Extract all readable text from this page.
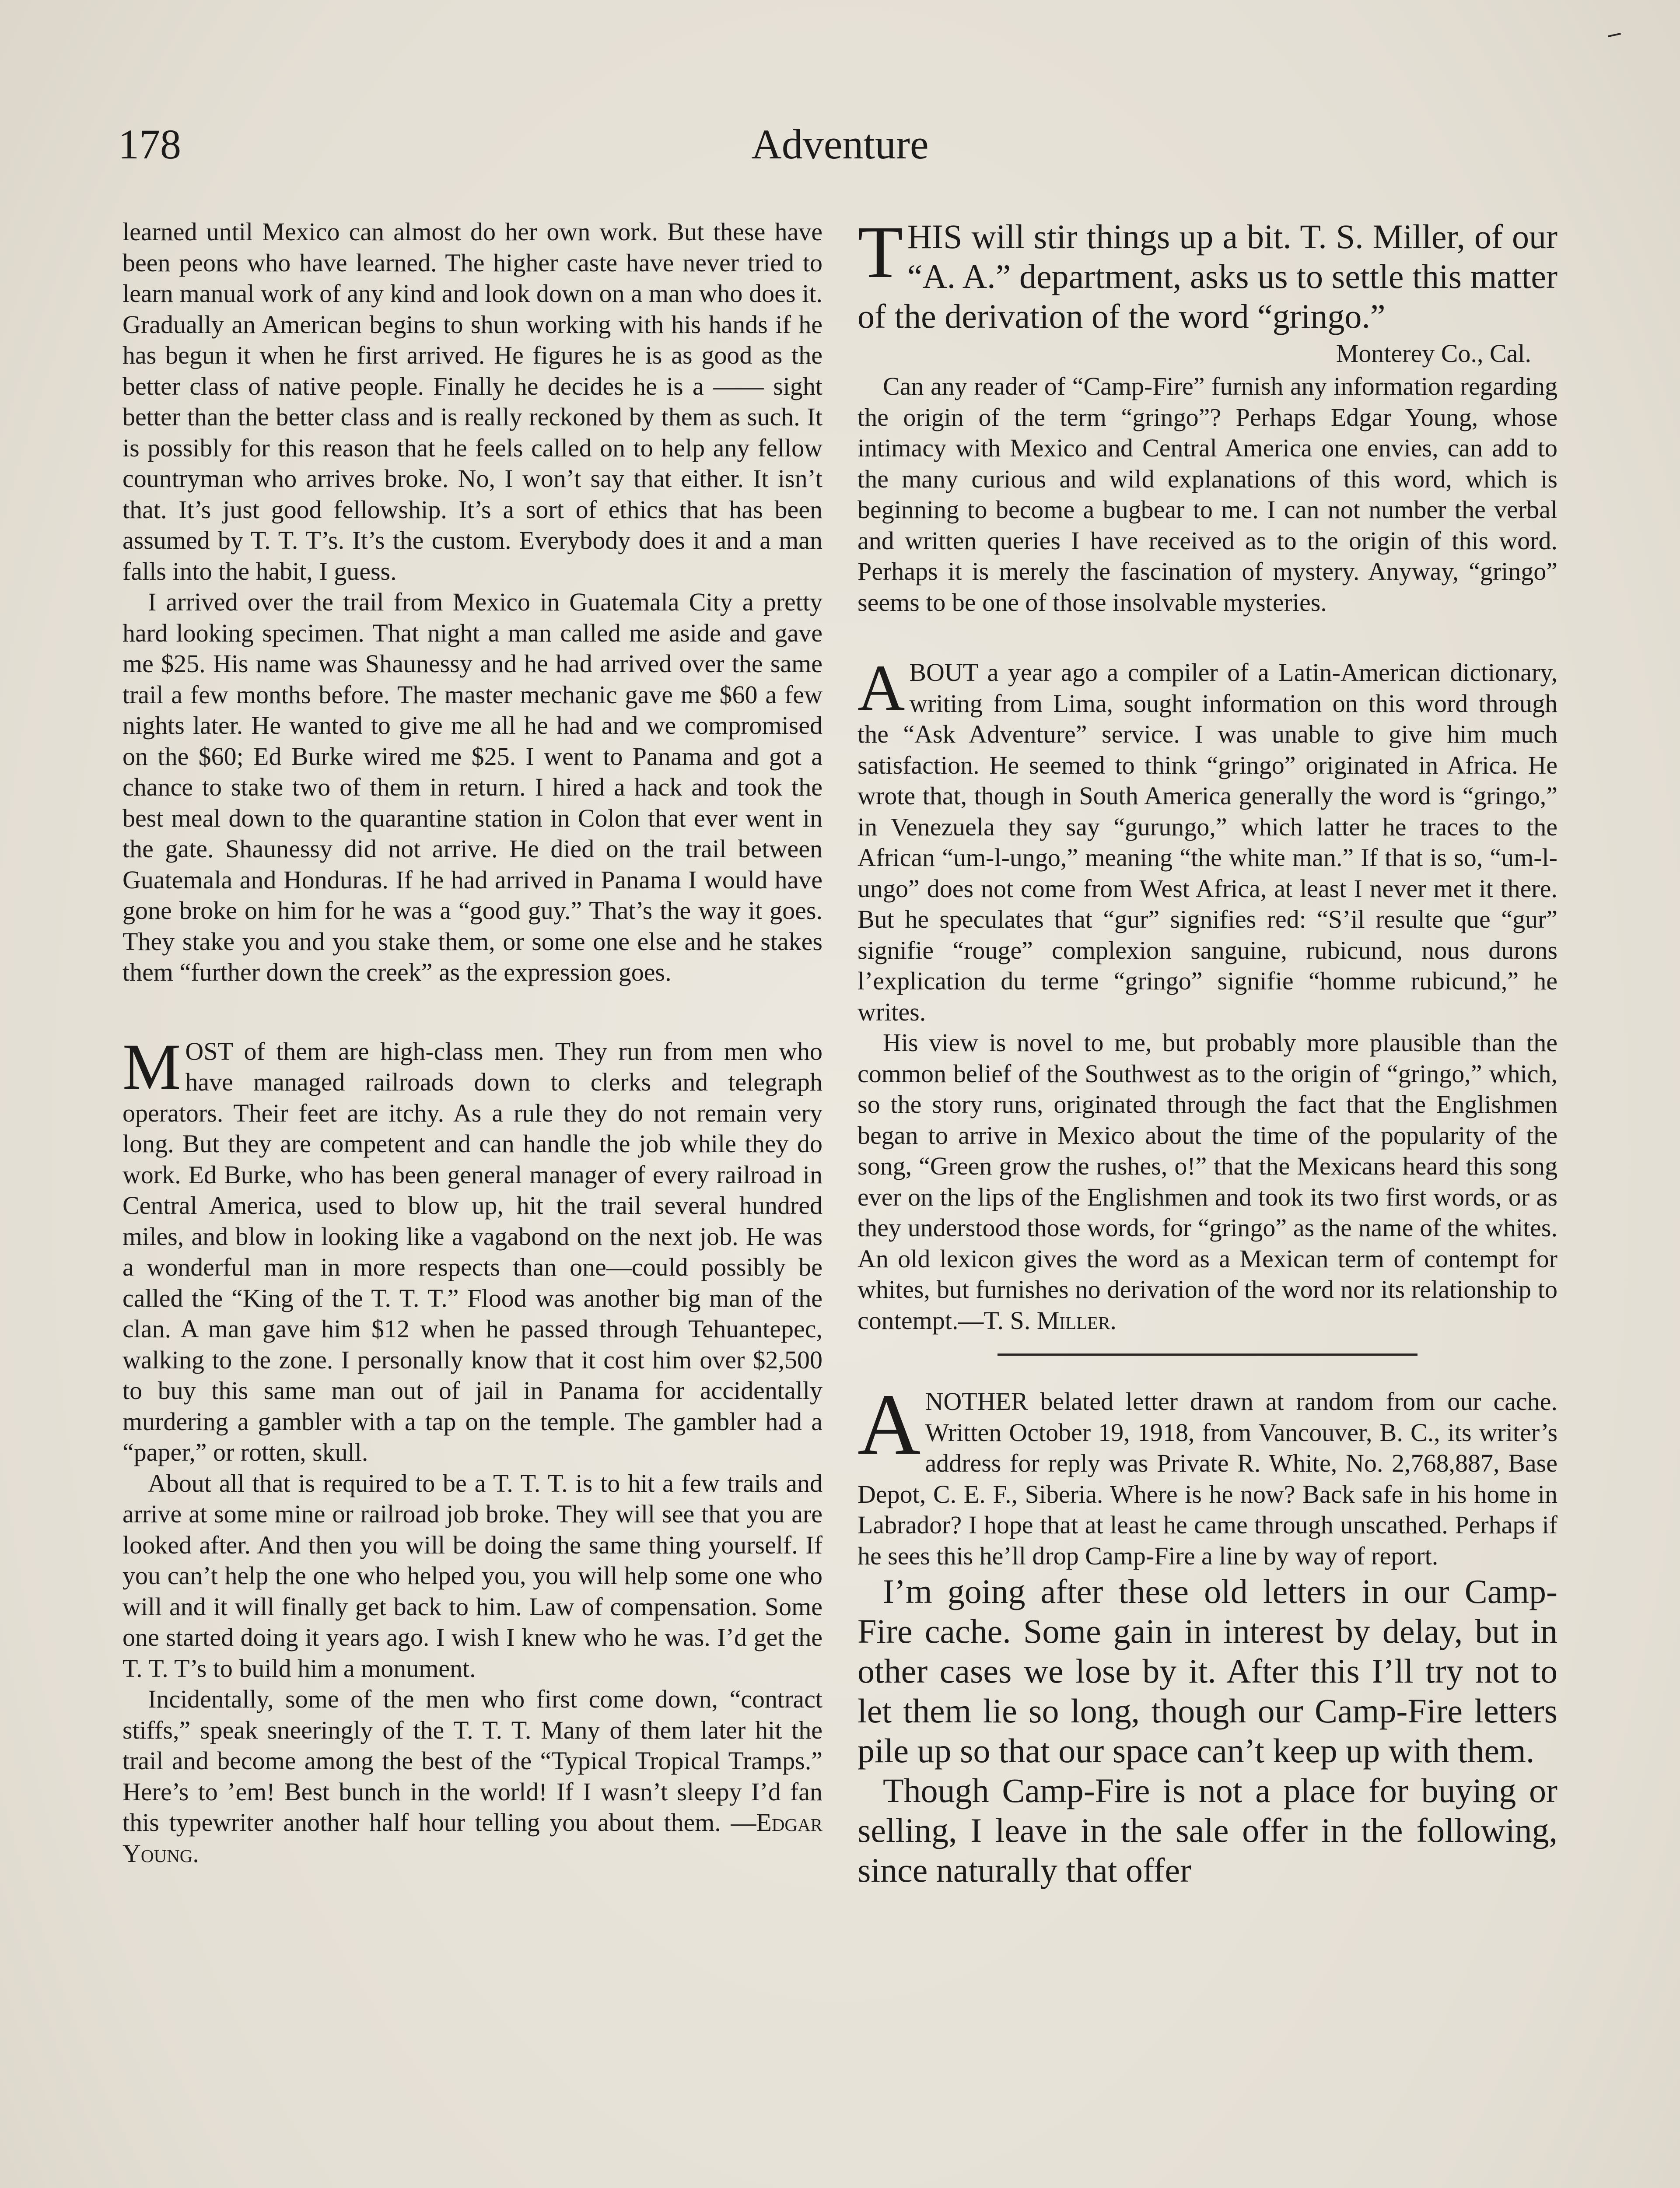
178	Adventure

learned until Mexico can almost do her own work. But these have been peons who have learned. The higher caste have never tried to learn manual work of any kind and look down on a man who does it. Gradually an American begins to shun working with his hands if he has begun it when he first arrived. He figures he is as good as the better class of native people. Finally he decides he is a —— sight better than the better class and is really reckoned by them as such. It is possibly for this reason that he feels called on to help any fellow countryman who arrives broke. No, I won’t say that either. It isn’t that. It’s just good fellowship. It’s a sort of ethics that has been assumed by T. T. T’s. It’s the custom. Everybody does it and a man falls into the habit, I guess.

I arrived over the trail from Mexico in Guatemala City a pretty hard looking specimen. That night a man called me aside and gave me $25. His name was Shaunessy and he had arrived over the same trail a few months before. The master mechanic gave me $60 a few nights later. He wanted to give me all he had and we compromised on the $60; Ed Burke wired me $25. I went to Panama and got a chance to stake two of them in return. I hired a hack and took the best meal down to the quarantine station in Colon that ever went in the gate. Shaunessy did not arrive. He died on the trail between Guatemala and Honduras. If he had arrived in Panama I would have gone broke on him for he was a “good guy.” That’s the way it goes. They stake you and you stake them, or some one else and he stakes them “further down the creek” as the expression goes.

MOST of them are high-class men. They run from men who have managed railroads down to clerks and telegraph operators. Their feet are itchy. As a rule they do not remain very long. But they are competent and can handle the job while they do work. Ed Burke, who has been general manager of every railroad in Central America, used to blow up, hit the trail several hundred miles, and blow in looking like a vagabond on the next job. He was a wonderful man in more respects than one—could possibly be called the “King of the T. T. T.” Flood was another big man of the clan. A man gave him $12 when he passed through Tehuantepec, walking to the zone. I personally know that it cost him over $2,500 to buy this same man out of jail in Panama for accidentally murdering a gambler with a tap on the temple. The gambler had a “paper,” or rotten, skull.

About all that is required to be a T. T. T. is to hit a few trails and arrive at some mine or railroad job broke. They will see that you are looked after. And then you will be doing the same thing yourself. If you can’t help the one who helped you, you will help some one who will and it will finally get back to him. Law of compensation. Some one started doing it years ago. I wish I knew who he was. I’d get the T. T. T’s to build him a monument.

Incidentally, some of the men who first come down, “contract stiffs,” speak sneeringly of the T. T. T. Many of them later hit the trail and become among the best of the “Typical Tropical Tramps.” Here’s to ’em! Best bunch in the world! If I wasn’t sleepy I’d fan this typewriter another half hour telling you about them. —Edgar Young.

THIS will stir things up a bit. T. S. Miller, of our “A. A.” department, asks us to settle this matter of the derivation of the word “gringo.”

Monterey Co., Cal.

Can any reader of “Camp-Fire” furnish any information regarding the origin of the term “gringo”? Perhaps Edgar Young, whose intimacy with Mexico and Central America one envies, can add to the many curious and wild explanations of this word, which is beginning to become a bugbear to me. I can not number the verbal and written queries I have received as to the origin of this word. Perhaps it is merely the fascination of mystery. Anyway, “gringo” seems to be one of those insolvable mysteries.

ABOUT a year ago a compiler of a Latin-American dictionary, writing from Lima, sought information on this word through the “Ask Adventure” service. I was unable to give him much satisfaction. He seemed to think “gringo” originated in Africa. He wrote that, though in South America generally the word is “gringo,” in Venezuela they say “gurungo,” which latter he traces to the African “um-l-ungo,” meaning “the white man.” If that is so, “um-l-ungo” does not come from West Africa, at least I never met it there. But he speculates that “gur” signifies red: “S’il resulte que “gur” signifie “rouge” complexion sanguine, rubicund, nous durons l’explication du terme “gringo” signifie “homme rubicund,” he writes.

His view is novel to me, but probably more plausible than the common belief of the Southwest as to the origin of “gringo,” which, so the story runs, originated through the fact that the Englishmen began to arrive in Mexico about the time of the popularity of the song, “Green grow the rushes, o!” that the Mexicans heard this song ever on the lips of the Englishmen and took its two first words, or as they understood those words, for “gringo” as the name of the whites. An old lexicon gives the word as a Mexican term of contempt for whites, but furnishes no derivation of the word nor its relationship to contempt.—T. S. Miller.

ANOTHER belated letter drawn at random from our cache. Written October 19, 1918, from Vancouver, B. C., its writer’s address for reply was Private R. White, No. 2,768,887, Base Depot, C. E. F., Siberia. Where is he now? Back safe in his home in Labrador? I hope that at least he came through unscathed. Perhaps if he sees this he’ll drop Camp-Fire a line by way of report.

I’m going after these old letters in our Camp-Fire cache. Some gain in interest by delay, but in other cases we lose by it. After this I’ll try not to let them lie so long, though our Camp-Fire letters pile up so that our space can’t keep up with them.

Though Camp-Fire is not a place for buying or selling, I leave in the sale offer in the following, since naturally that offer
